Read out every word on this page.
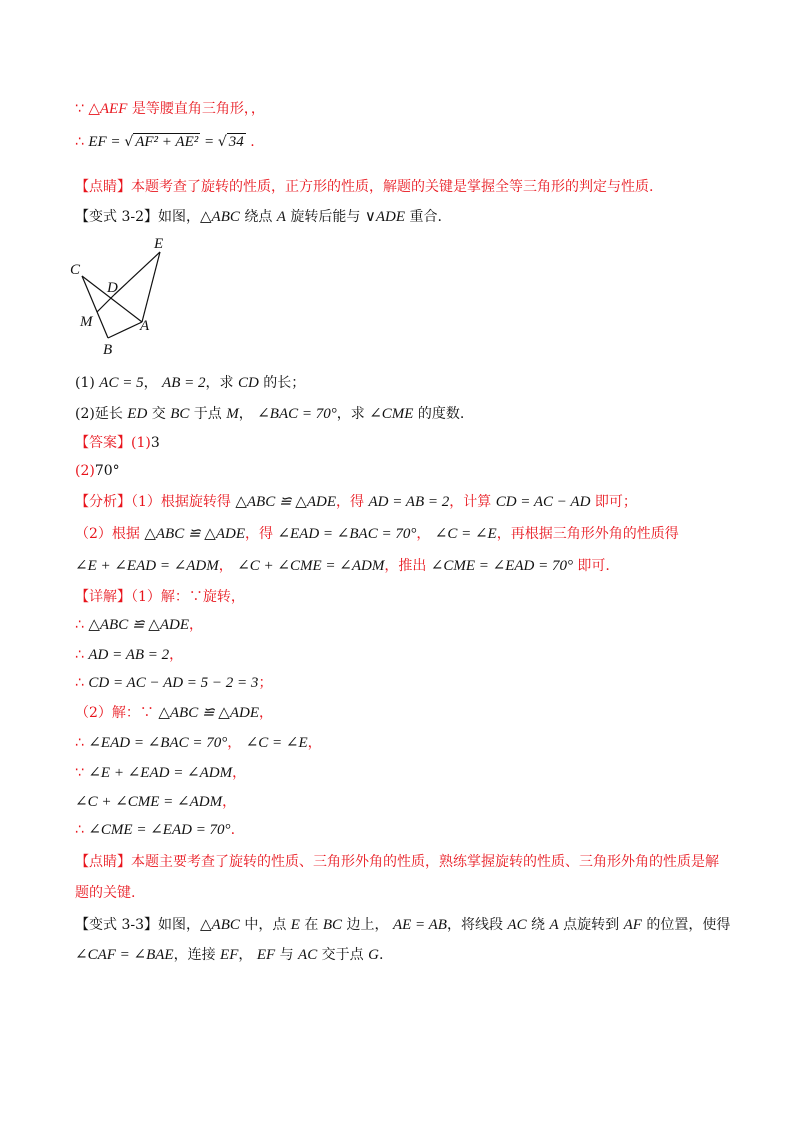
∵ △AEF 是等腰直角三角形，，
∴ EF = √ AF² + AE² = √ 34 .
【点睛】本题考查了旋转的性质，正方形的性质，解题的关键是掌握全等三角形的判定与性质.
【变式 3-2】如图，△ABC 绕点 A 旋转后能与 ∨ADE 重合.
C
D
E
M	A
B
(1) AC = 5， AB = 2，求 CD 的长；
(2)延长 ED 交 BC 于点 M， ∠BAC = 70°，求 ∠CME 的度数.
【答案】(1)3
(2)70°
【分析】（1）根据旋转得 △ABC ≌ △ADE，得 AD = AB = 2，计算 CD = AC − AD 即可；
（2）根据 △ABC ≌ △ADE，得 ∠EAD = ∠BAC = 70°， ∠C = ∠E，再根据三角形外角的性质得
∠E + ∠EAD = ∠ADM， ∠C + ∠CME = ∠ADM，推出 ∠CME = ∠EAD = 70° 即可.
【详解】（1）解：∵旋转，
∴ △ABC ≌ △ADE，
∴ AD = AB = 2，
∴ CD = AC − AD = 5 − 2 = 3；
（2）解：∵ △ABC ≌ △ADE，
∴ ∠EAD = ∠BAC = 70°， ∠C = ∠E，
∵ ∠E + ∠EAD = ∠ADM，
∠C + ∠CME = ∠ADM，
∴ ∠CME = ∠EAD = 70°.
【点睛】本题主要考查了旋转的性质、三角形外角的性质，熟练掌握旋转的性质、三角形外角的性质是解
题的关键.
【变式 3-3】如图，△ABC 中，点 E 在 BC 边上， AE = AB，将线段 AC 绕 A 点旋转到 AF 的位置，使得
∠CAF = ∠BAE，连接 EF， EF 与 AC 交于点 G.
